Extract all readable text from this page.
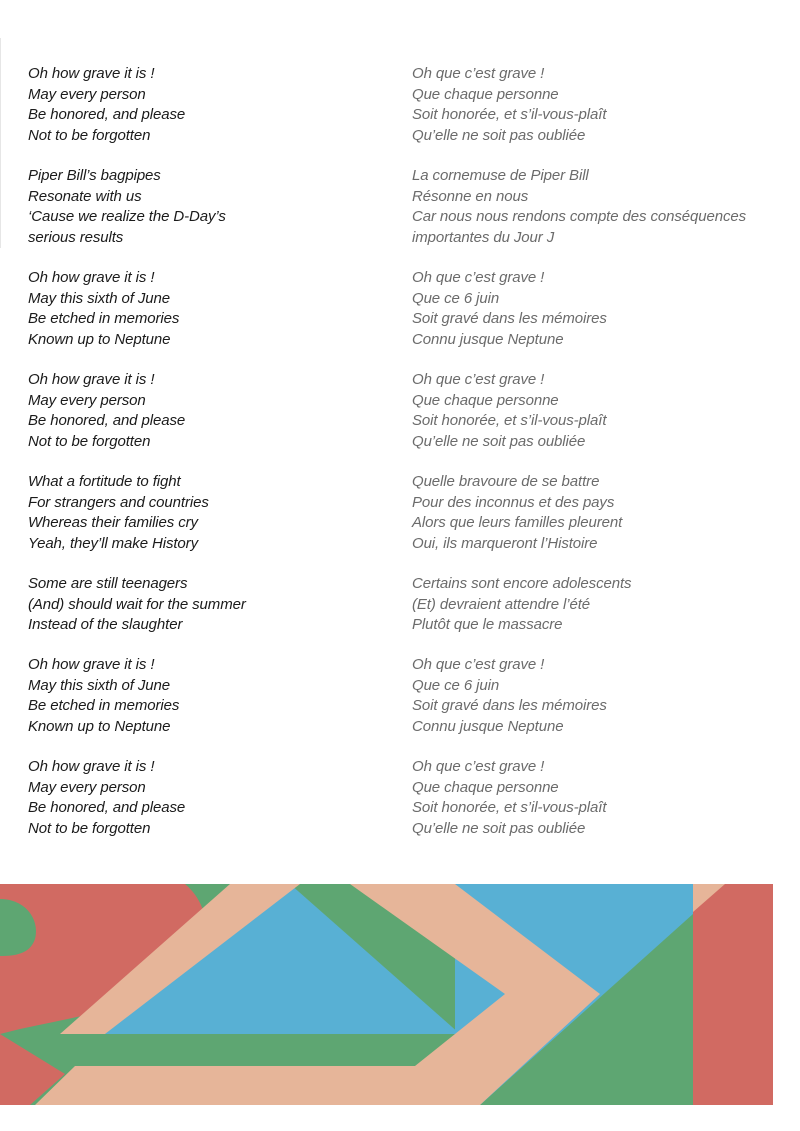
Oh how grave it is !
May every person
Be honored, and please
Not to be forgotten
Oh que c’est grave !
Que chaque personne
Soit honorée, et s’il-vous-plaît
Qu’elle ne soit pas oubliée
Piper Bill’s bagpipes
Resonate with us
‘Cause we realize the D-Day’s
serious results
La cornemuse de Piper Bill
Résonne en nous
Car nous nous rendons compte des conséquences
importantes du Jour J
Oh how grave it is !
May this sixth of June
Be etched in memories
Known up to Neptune
Oh que c’est grave !
Que ce 6 juin
Soit gravé dans les mémoires
Connu jusque Neptune
Oh how grave it is !
May every person
Be honored, and please
Not to be forgotten
Oh que c’est grave !
Que chaque personne
Soit honorée, et s’il-vous-plaît
Qu’elle ne soit pas oubliée
What a fortitude to fight
For strangers and countries
Whereas their families cry
Yeah, they’ll make History
Quelle bravoure de se battre
Pour des inconnus et des pays
Alors que leurs familles pleurent
Oui, ils marqueront l’Histoire
Some are still teenagers
(And) should wait for the summer
Instead of the slaughter
Certains sont encore adolescents
(Et) devraient attendre l’été
Plutôt que le massacre
Oh how grave it is !
May this sixth of June
Be etched in memories
Known up to Neptune
Oh que c’est grave !
Que ce 6 juin
Soit gravé dans les mémoires
Connu jusque Neptune
Oh how grave it is !
May every person
Be honored, and please
Not to be forgotten
Oh que c’est grave !
Que chaque personne
Soit honorée, et s’il-vous-plaît
Qu’elle ne soit pas oubliée
